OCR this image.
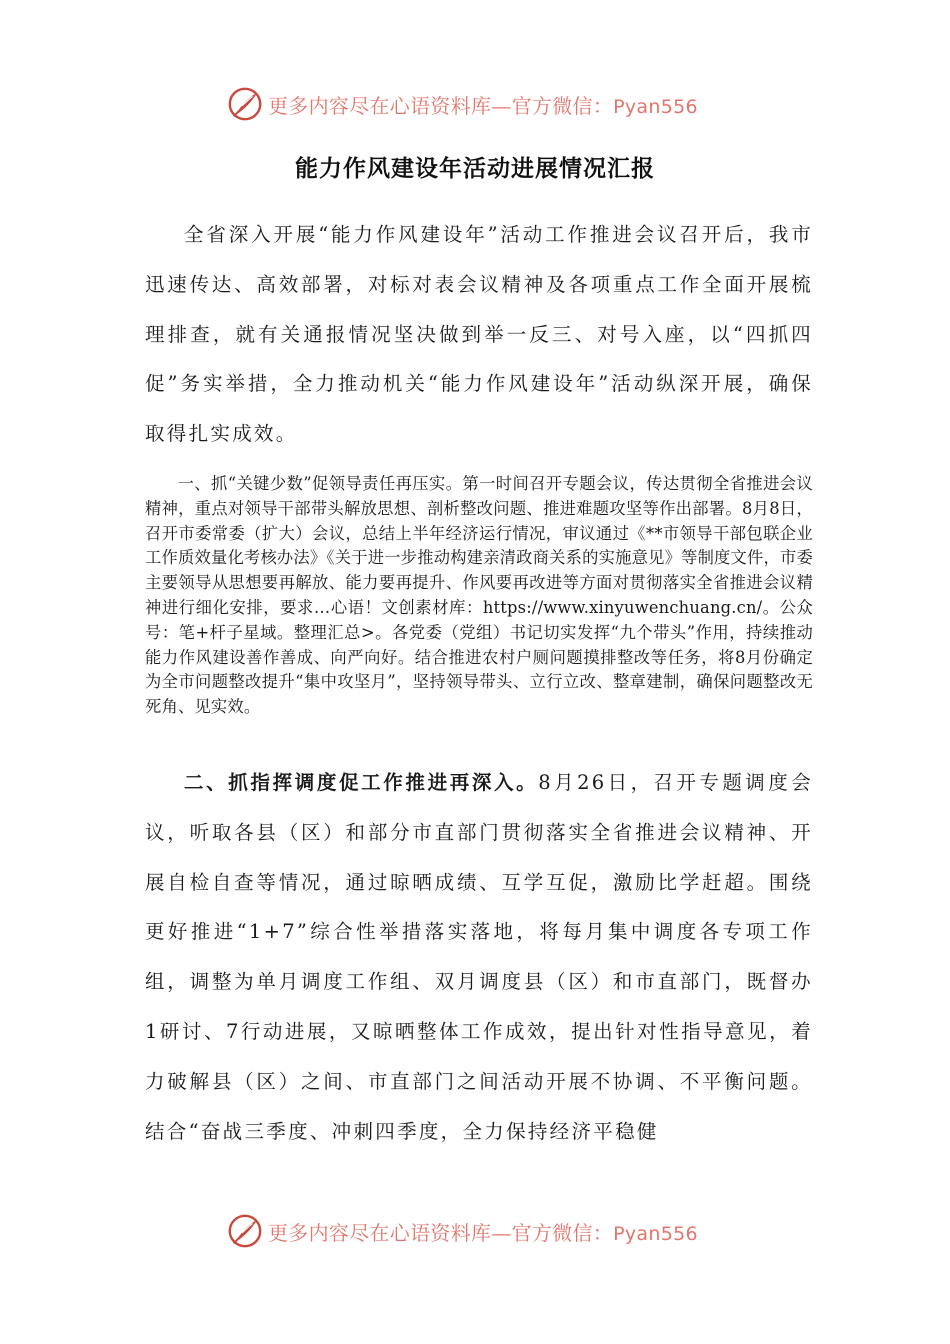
更多内容尽在心语资料库—官方微信：Pyan556
能力作风建设年活动进展情况汇报

全省深入开展“能力作风建设年”活动工作推进会议召开后，我市迅速传达、高效部署，对标对表会议精神及各项重点工作全面开展梳理排查，就有关通报情况坚决做到举一反三、对号入座，以“四抓四促”务实举措，全力推动机关“能力作风建设年”活动纵深开展，确保取得扎实成效。

一、抓“关键少数”促领导责任再压实。第一时间召开专题会议，传达贯彻全省推进会议精神，重点对领导干部带头解放思想、剖析整改问题、推进难题攻坚等作出部署。8月8日，召开市委常委（扩大）会议，总结上半年经济运行情况，审议通过《**市领导干部包联企业工作质效量化考核办法》《关于进一步推动构建亲清政商关系的实施意见》等制度文件，市委主要领导从思想要再解放、能力要再提升、作风要再改进等方面对贯彻落实全省推进会议精神进行细化安排，要求…心语！文创素材库：https://www.xinyuwenchuang.cn/。公众号：笔+杆子星域。整理汇总>。各党委（党组）书记切实发挥“九个带头”作用，持续推动能力作风建设善作善成、向严向好。结合推进农村户厕问题摸排整改等任务，将8月份确定为全市问题整改提升“集中攻坚月”，坚持领导带头、立行立改、整章建制，确保问题整改无死角、见实效。

二、抓指挥调度促工作推进再深入。8月26日，召开专题调度会议，听取各县（区）和部分市直部门贯彻落实全省推进会议精神、开展自检自查等情况，通过晾晒成绩、互学互促，激励比学赶超。围绕更好推进“1+7”综合性举措落实落地，将每月集中调度各专项工作组，调整为单月调度工作组、双月调度县（区）和市直部门，既督办1研讨、7行动进展，又晾晒整体工作成效，提出针对性指导意见，着力破解县（区）之间、市直部门之间活动开展不协调、不平衡问题。结合“奋战三季度、冲刺四季度，全力保持经济平稳健

更多内容尽在心语资料库—官方微信：Pyan556
